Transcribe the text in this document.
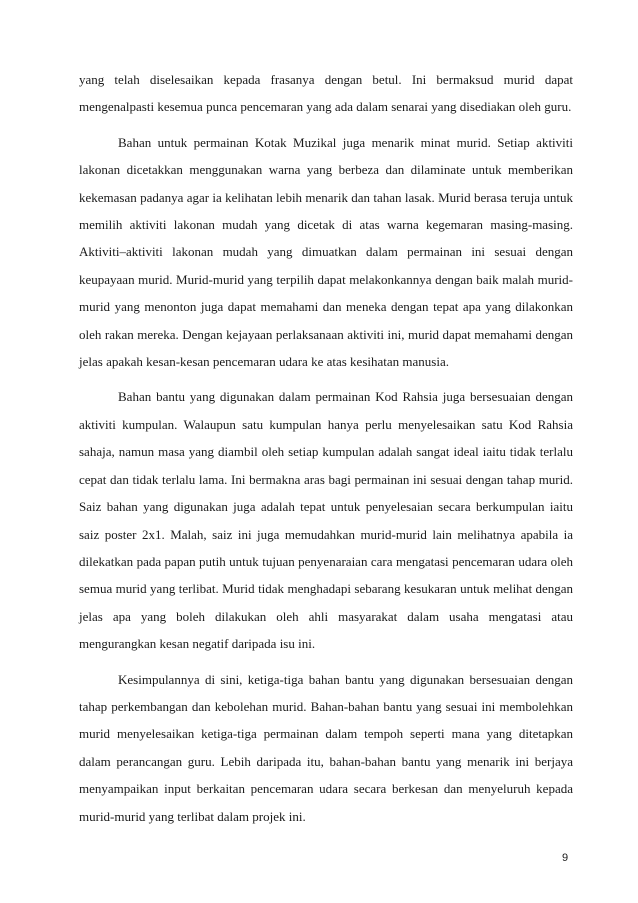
yang telah diselesaikan kepada frasanya dengan betul. Ini bermaksud murid dapat mengenalpasti kesemua punca pencemaran yang ada dalam senarai yang disediakan oleh guru.

Bahan untuk permainan Kotak Muzikal juga menarik minat murid. Setiap aktiviti lakonan dicetakkan menggunakan warna yang berbeza dan dilaminate untuk memberikan kekemasan padanya agar ia kelihatan lebih menarik dan tahan lasak. Murid berasa teruja untuk memilih aktiviti lakonan mudah yang dicetak di atas warna kegemaran masing-masing. Aktiviti–aktiviti lakonan mudah yang dimuatkan dalam permainan ini sesuai dengan keupayaan murid. Murid-murid yang terpilih dapat melakonkannya dengan baik malah murid-murid yang menonton juga dapat memahami dan meneka dengan tepat apa yang dilakonkan oleh rakan mereka. Dengan kejayaan perlaksanaan aktiviti ini, murid dapat memahami dengan jelas apakah kesan-kesan pencemaran udara ke atas kesihatan manusia.

Bahan bantu yang digunakan dalam permainan Kod Rahsia juga bersesuaian dengan aktiviti kumpulan. Walaupun satu kumpulan hanya perlu menyelesaikan satu Kod Rahsia sahaja, namun masa yang diambil oleh setiap kumpulan adalah sangat ideal iaitu tidak terlalu cepat dan tidak terlalu lama. Ini bermakna aras bagi permainan ini sesuai dengan tahap murid. Saiz bahan yang digunakan juga adalah tepat untuk penyelesaian secara berkumpulan iaitu saiz poster 2x1. Malah, saiz ini juga memudahkan murid-murid lain melihatnya apabila ia dilekatkan pada papan putih untuk tujuan penyenaraian cara mengatasi pencemaran udara oleh semua murid yang terlibat. Murid tidak menghadapi sebarang kesukaran untuk melihat dengan jelas apa yang boleh dilakukan oleh ahli masyarakat dalam usaha mengatasi atau mengurangkan kesan negatif daripada isu ini.

Kesimpulannya di sini, ketiga-tiga bahan bantu yang digunakan bersesuaian dengan tahap perkembangan dan kebolehan murid. Bahan-bahan bantu yang sesuai ini membolehkan murid menyelesaikan ketiga-tiga permainan dalam tempoh seperti mana yang ditetapkan dalam perancangan guru. Lebih daripada itu, bahan-bahan bantu yang menarik ini berjaya menyampaikan input berkaitan pencemaran udara secara berkesan dan menyeluruh kepada murid-murid yang terlibat dalam projek ini.

9
